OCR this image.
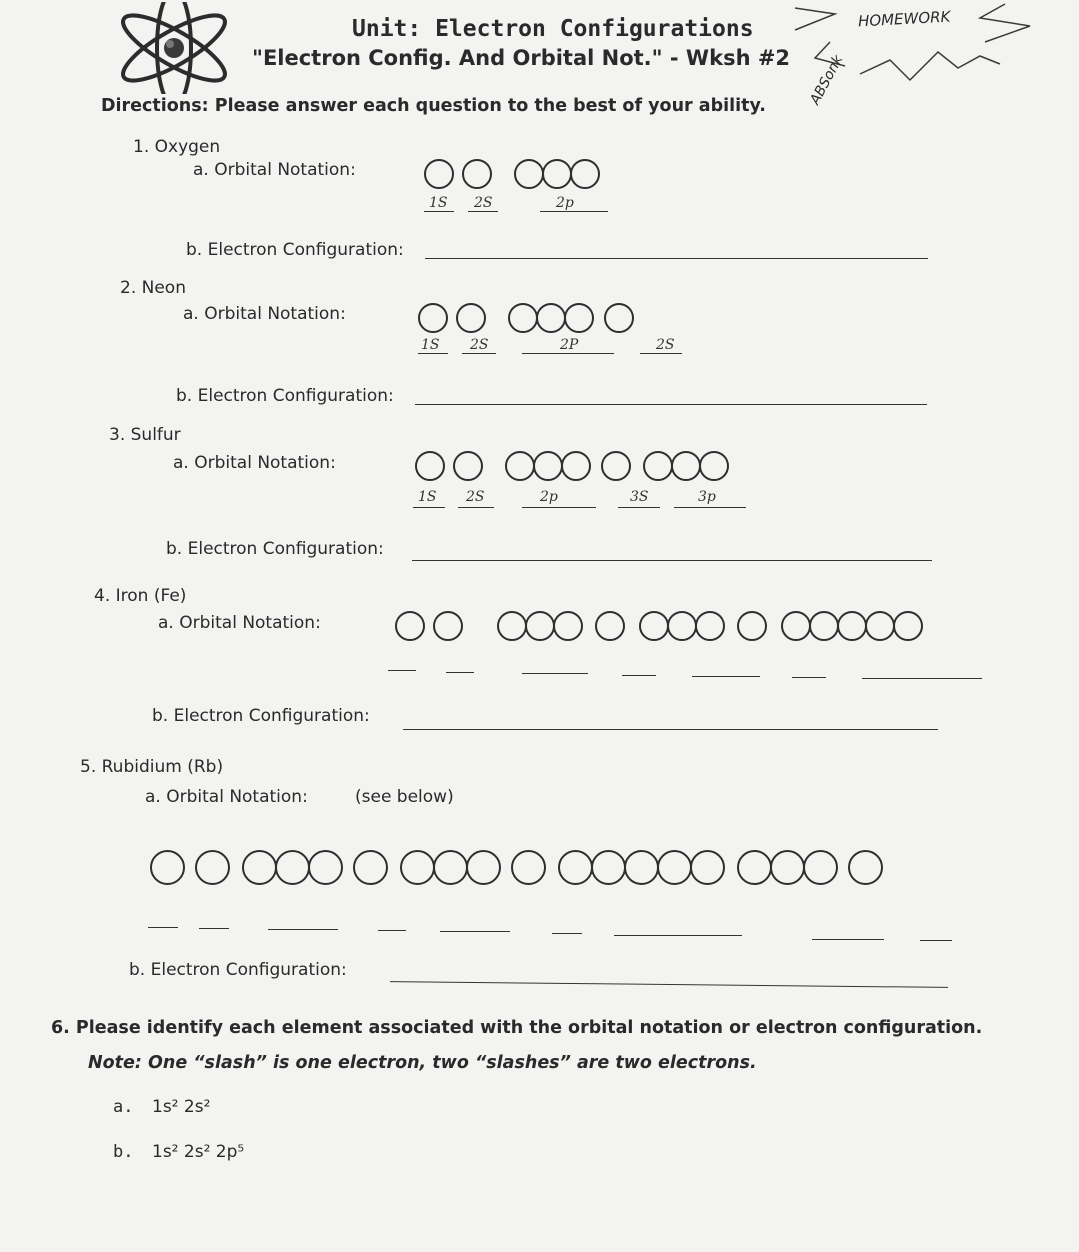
Unit: Electron Configurations
"Electron Config. And Orbital Not." - Wksh #2
HOMEWORK
ABSonk
Directions: Please answer each question to the best of your ability.
1. Oxygen
a. Orbital Notation:
1S 2S	2p
b. Electron Configuration:
2. Neon
a. Orbital Notation:
1S 2S	2P	2S
b. Electron Configuration:
3. Sulfur
a. Orbital Notation:
1S 2S	2p	3S	3p
b. Electron Configuration:
4. Iron (Fe)
a. Orbital Notation:
b. Electron Configuration:
5. Rubidium (Rb)
a. Orbital Notation:	(see below)
b. Electron Configuration:
6. Please identify each element associated with the orbital notation or electron configuration.
Note: One “slash” is one electron, two “slashes” are two electrons.
a. 1s² 2s²
b. 1s² 2s² 2p⁵
